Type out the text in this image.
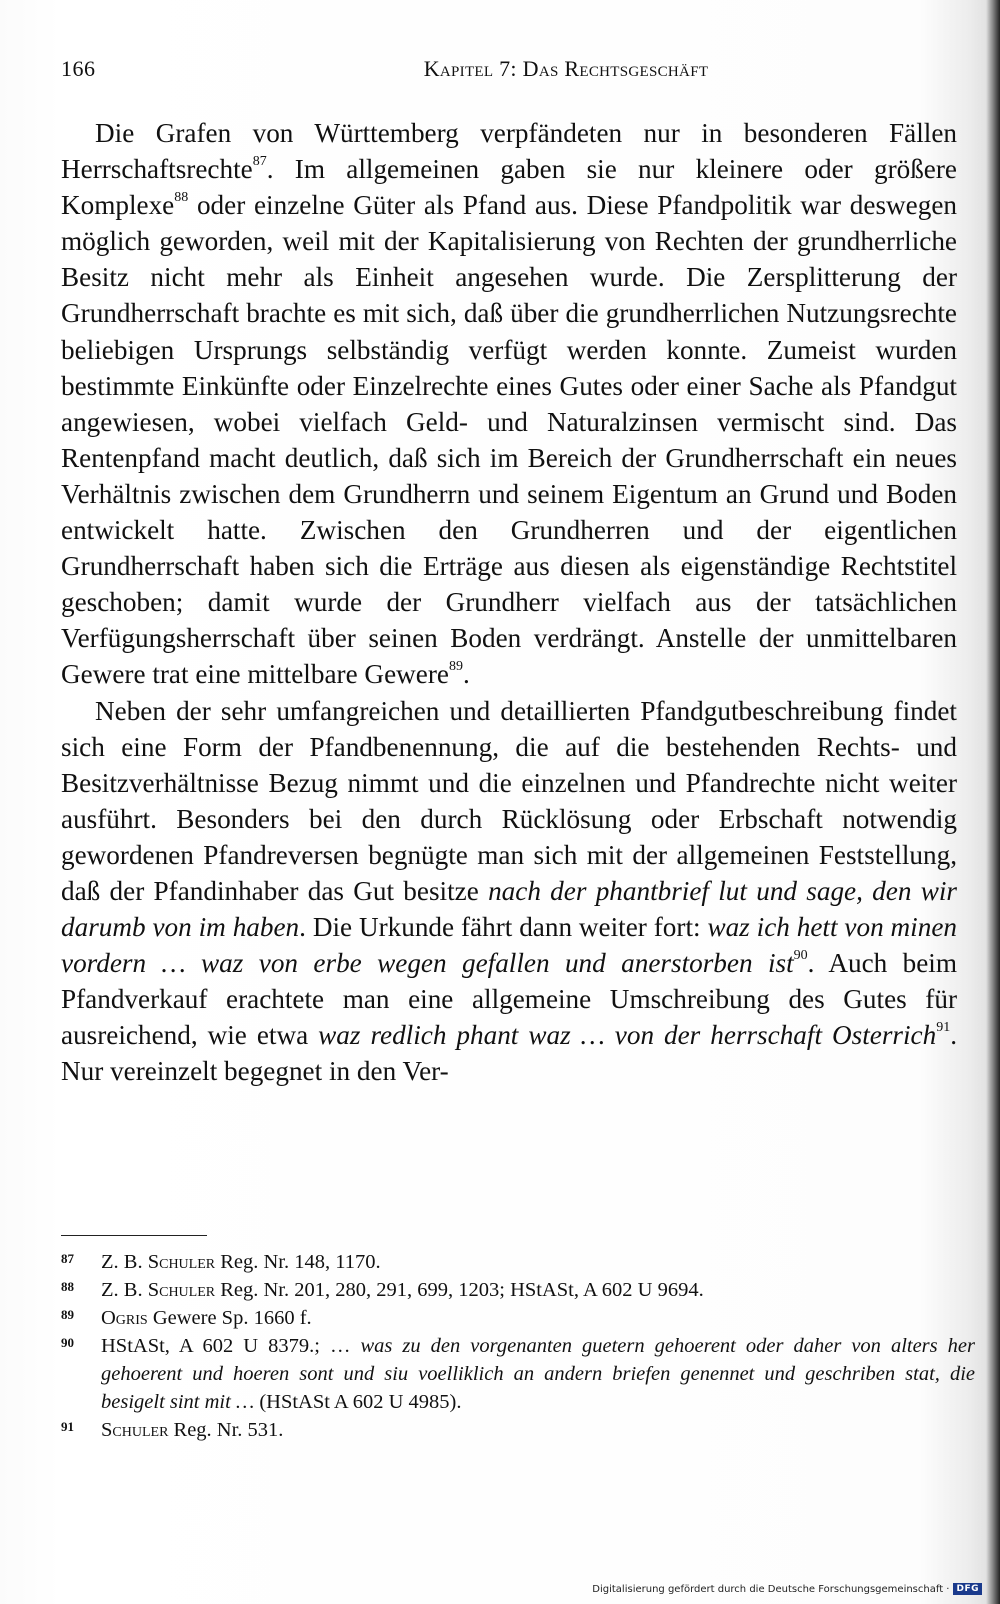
166	Kapitel 7: Das Rechtsgeschäft

Die Grafen von Württemberg verpfändeten nur in besonderen Fällen Herrschaftsrechte$^{87}$. Im allgemeinen gaben sie nur kleinere oder größere Komplexe$^{88}$ oder einzelne Güter als Pfand aus. Diese Pfandpolitik war deswegen möglich geworden, weil mit der Kapitalisierung von Rechten der grundherrliche Besitz nicht mehr als Einheit angesehen wurde. Die Zersplitterung der Grundherrschaft brachte es mit sich, daß über die grundherrlichen Nutzungsrechte beliebigen Ursprungs selbständig verfügt werden konnte. Zumeist wurden bestimmte Einkünfte oder Einzelrechte eines Gutes oder einer Sache als Pfandgut angewiesen, wobei vielfach Geld- und Naturalzinsen vermischt sind. Das Rentenpfand macht deutlich, daß sich im Bereich der Grundherrschaft ein neues Verhältnis zwischen dem Grundherrn und seinem Eigentum an Grund und Boden entwickelt hatte. Zwischen den Grundherren und der eigentlichen Grundherrschaft haben sich die Erträge aus diesen als eigenständige Rechtstitel geschoben; damit wurde der Grundherr vielfach aus der tatsächlichen Verfügungsherrschaft über seinen Boden verdrängt. Anstelle der unmittelbaren Gewere trat eine mittelbare Gewere$^{89}$.

Neben der sehr umfangreichen und detaillierten Pfandgutbeschreibung findet sich eine Form der Pfandbenennung, die auf die bestehenden Rechts- und Besitzverhältnisse Bezug nimmt und die einzelnen und Pfandrechte nicht weiter ausführt. Besonders bei den durch Rücklösung oder Erbschaft notwendig gewordenen Pfandreversen begnügte man sich mit der allgemeinen Feststellung, daß der Pfandinhaber das Gut besitze nach der phantbrief lut und sage, den wir darumb von im haben. Die Urkunde fährt dann weiter fort: waz ich hett von minen vordern … waz von erbe wegen gefallen und anerstorben ist$^{90}$. Auch beim Pfandverkauf erachtete man eine allgemeine Umschreibung des Gutes für ausreichend, wie etwa waz redlich phant waz … von der herrschaft Osterrich$^{91}$. Nur vereinzelt begegnet in den Ver-

87 Z. B. Schuler Reg. Nr. 148, 1170.
88 Z. B. Schuler Reg. Nr. 201, 280, 291, 699, 1203; HStASt, A 602 U 9694.
89 Ogris Gewere Sp. 1660 f.
90 HStASt, A 602 U 8379.; … was zu den vorgenanten guetern gehoerent oder daher von alters her gehoerent und hoeren sont und siu voelliklich an andern briefen genennet und geschriben stat, die besigelt sint mit … (HStASt A 602 U 4985).
91 Schuler Reg. Nr. 531.
Digitalisierung gefördert durch die Deutsche Forschungsgemeinschaft · DFG
